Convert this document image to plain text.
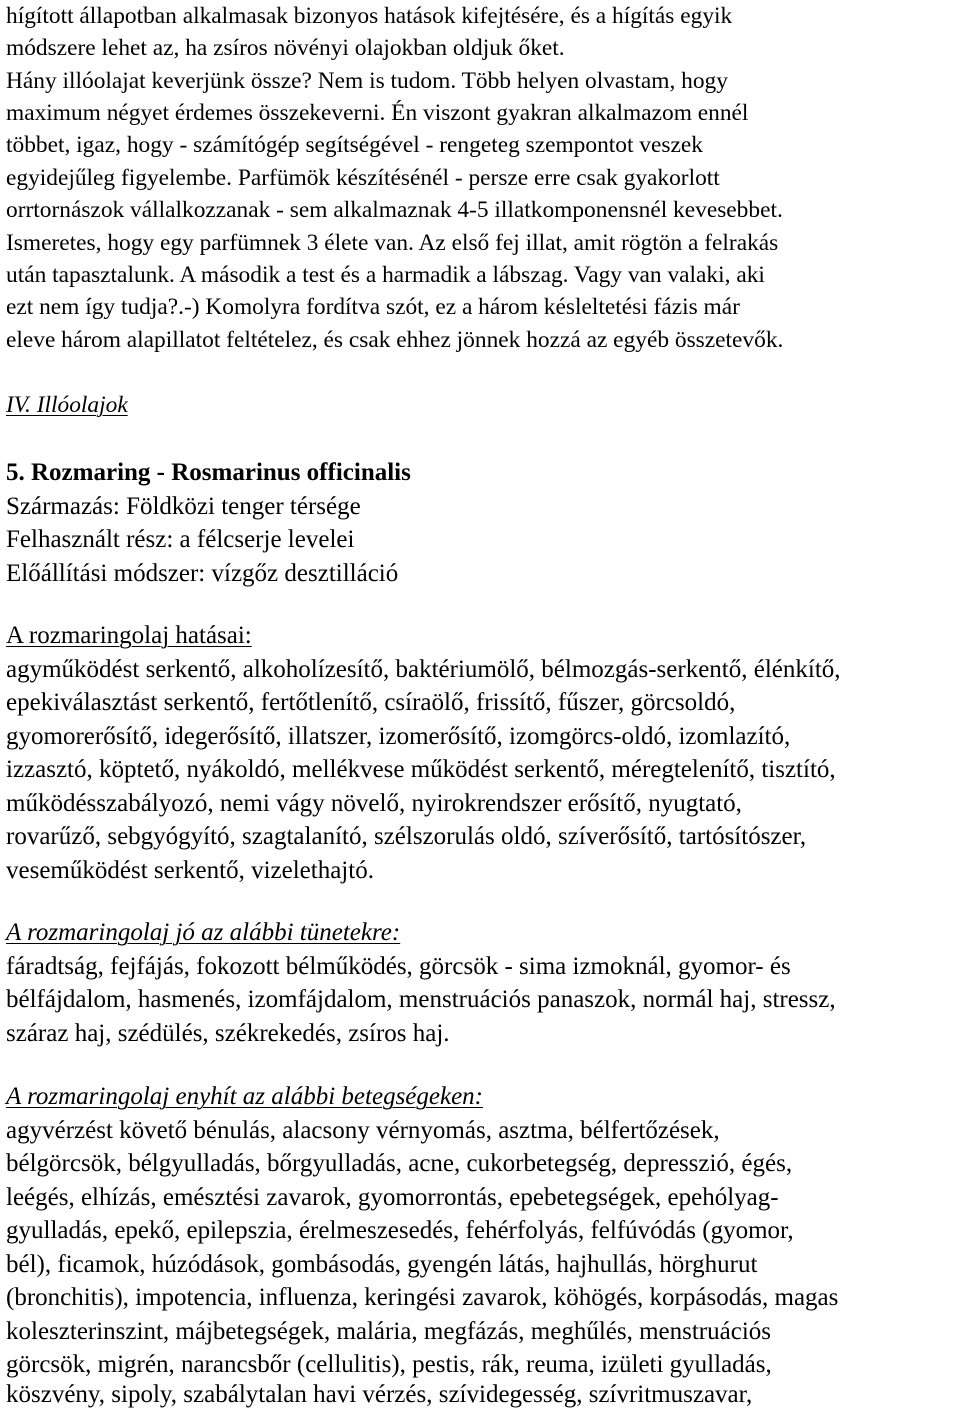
hígított állapotban alkalmasak bizonyos hatások kifejtésére, és a hígítás egyik
módszere lehet az, ha zsíros növényi olajokban oldjuk őket.
Hány illóolajat keverjünk össze? Nem is tudom. Több helyen olvastam, hogy
maximum négyet érdemes összekeverni. Én viszont gyakran alkalmazom ennél
többet, igaz, hogy - számítógép segítségével - rengeteg szempontot veszek
egyidejűleg figyelembe. Parfümök készítésénél - persze erre csak gyakorlott
orrtornászok vállalkozzanak - sem alkalmaznak 4-5 illatkomponensnél kevesebbet.
Ismeretes, hogy egy parfümnek 3 élete van. Az első fej illat, amit rögtön a felrakás
után tapasztalunk. A második a test és a harmadik a lábszag. Vagy van valaki, aki
ezt nem így tudja?.-) Komolyra fordítva szót, ez a három késleltetési fázis már
eleve három alapillatot feltételez, és csak ehhez jönnek hozzá az egyéb összetevők.
IV. Illóolajok
5. Rozmaring - Rosmarinus officinalis
Származás: Földközi tenger térsége
Felhasznált rész: a félcserje levelei
Előállítási módszer: vízgőz desztilláció
A rozmaringolaj hatásai:
agyműködést serkentő, alkoholízesítő, baktériumölő, bélmozgás-serkentő, élénkítő,
epekiválasztást serkentő, fertőtlenítő, csíraölő, frissítő, fűszer, görcsoldó,
gyomorerősítő, idegerősítő, illatszer, izomerősítő, izomgörcs-oldó, izomlazító,
izzasztó, köptető, nyákoldó, mellékvese működést serkentő, méregtelenítő, tisztító,
működésszabályozó, nemi vágy növelő, nyirokrendszer erősítő, nyugtató,
rovarűző, sebgyógyító, szagtalanító, szélszorulás oldó, szíverősítő, tartósítószer,
veseműködést serkentő, vizelethajtó.
A rozmaringolaj jó az alábbi tünetekre:
fáradtság, fejfájás, fokozott bélműködés, görcsök - sima izmoknál, gyomor- és
bélfájdalom, hasmenés, izomfájdalom, menstruációs panaszok, normál haj, stressz,
száraz haj, szédülés, székrekedés, zsíros haj.
A rozmaringolaj enyhít az alábbi betegségeken:
agyvérzést követő bénulás, alacsony vérnyomás, asztma, bélfertőzések,
bélgörcsök, bélgyulladás, bőrgyulladás, acne, cukorbetegség, depresszió, égés,
leégés, elhízás, emésztési zavarok, gyomorrontás, epebetegségek, epehólyag-
gyulladás, epekő, epilepszia, érelmeszesedés, fehérfolyás, felfúvódás (gyomor,
bél), ficamok, húzódások, gombásodás, gyengén látás, hajhullás, hörghurut
(bronchitis), impotencia, influenza, keringési zavarok, köhögés, korpásodás, magas
koleszterinszint, májbetegségek, malária, megfázás, meghűlés, menstruációs
görcsök, migrén, narancsbőr (cellulitis), pestis, rák, reuma, izületi gyulladás,
köszvény, sipoly, szabálytalan havi vérzés, szívidegesség, szívritmuszavar,
